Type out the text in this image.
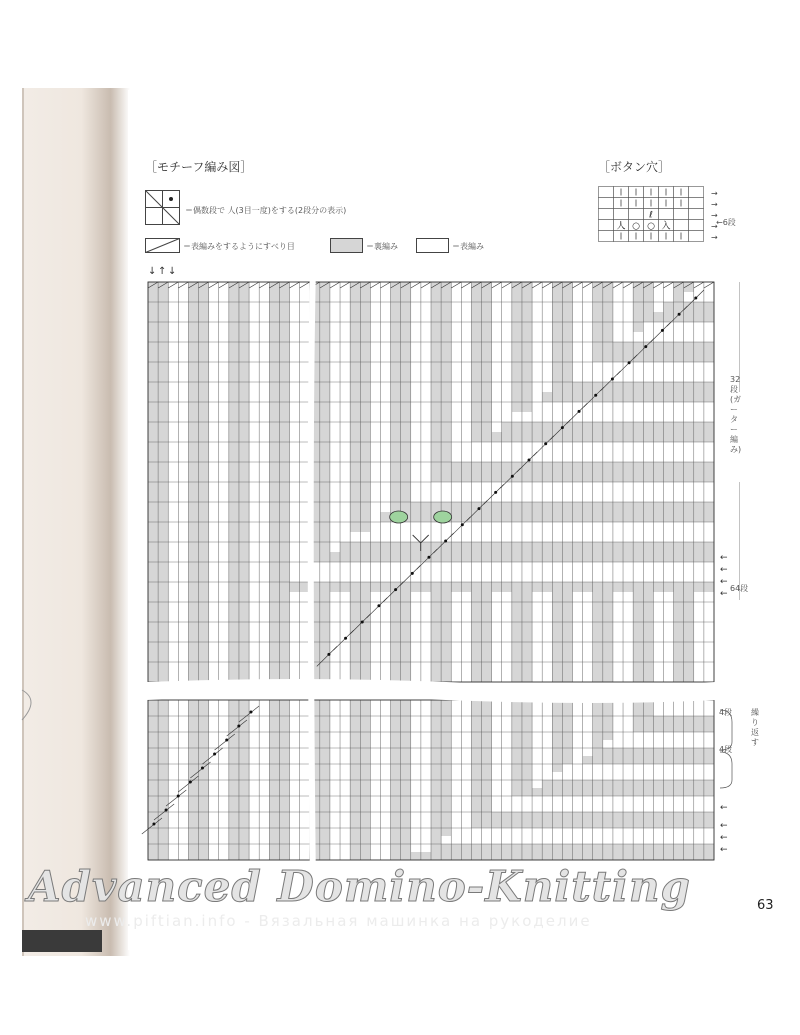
［モチーフ編み図］	［ボタン穴］
＝偶数段で 人(3目一度)をする(2段分の表示)
＝表編みをするようにすべり目	＝裏編み	＝表編み
人 ○ ○ 入
ℓ
→
→
→
→
→
←6段
↓ ↑ ↓
←
←
←
←
←
←
←
←
32段(ガーター編み)
64段
4段
4段
繰り返す
Advanced Domino-Knitting
www.piftian.info - Вязальная машинка на рукоделие
63
